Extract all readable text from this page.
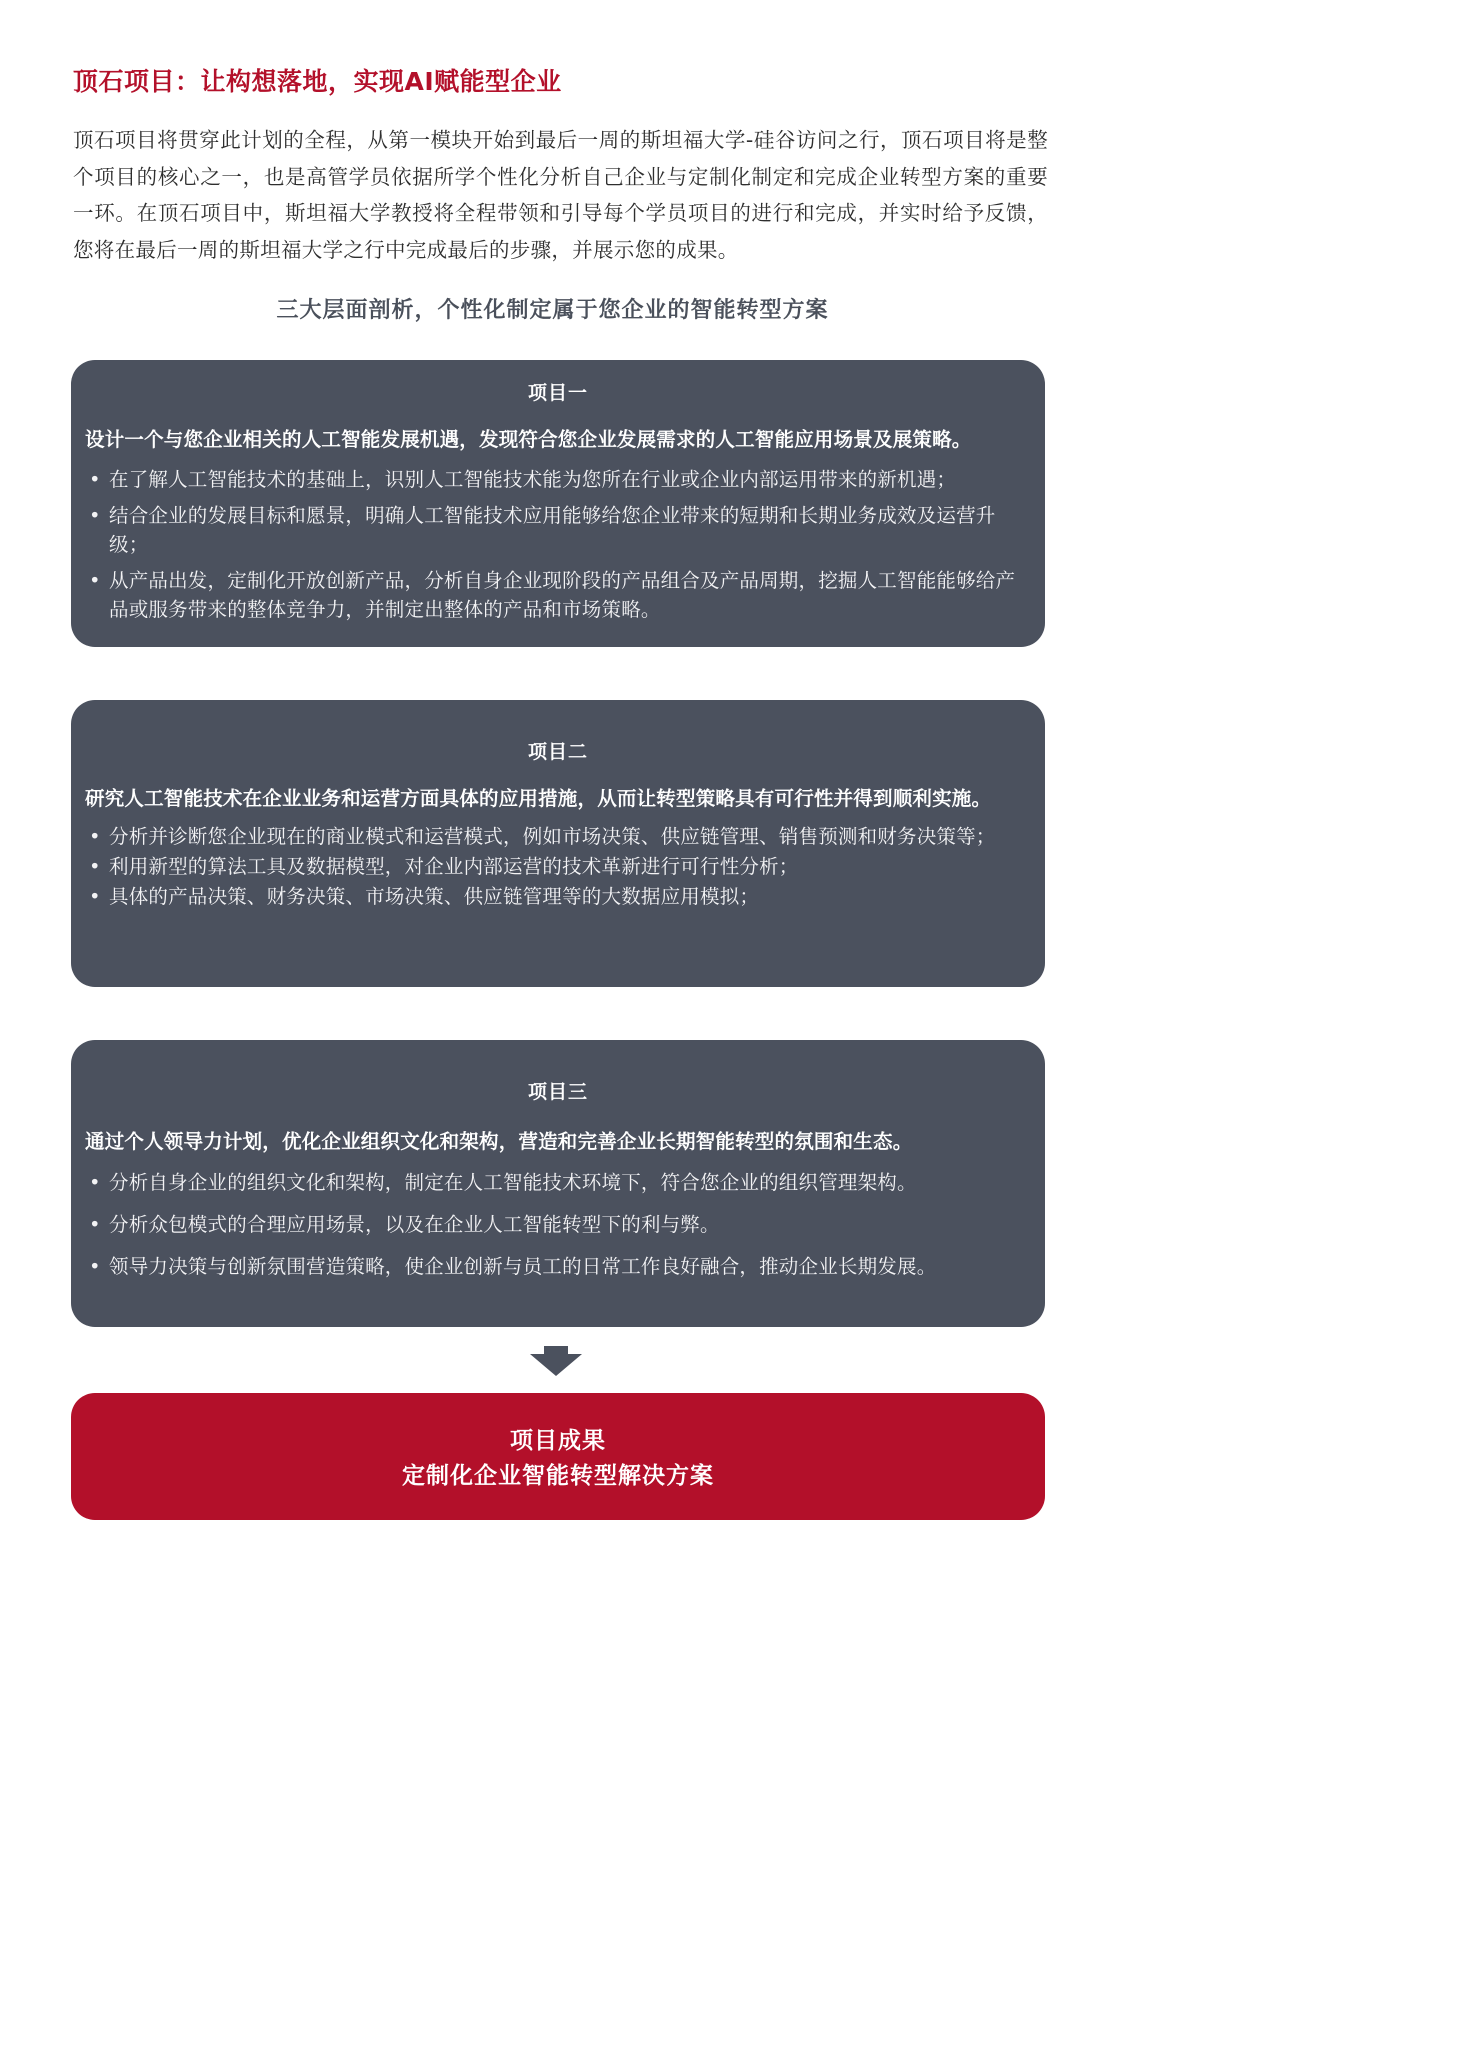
顶石项目：让构想落地，实现AI赋能型企业

顶石项目将贯穿此计划的全程，从第一模块开始到最后一周的斯坦福大学-硅谷访问之行，顶石项目将是整个项目的核心之一，也是高管学员依据所学个性化分析自己企业与定制化制定和完成企业转型方案的重要一环。在顶石项目中，斯坦福大学教授将全程带领和引导每个学员项目的进行和完成，并实时给予反馈，您将在最后一周的斯坦福大学之行中完成最后的步骤，并展示您的成果。

三大层面剖析，个性化制定属于您企业的智能转型方案
项目一

设计一个与您企业相关的人工智能发展机遇，发现符合您企业发展需求的人工智能应用场景及展策略。

• 在了解人工智能技术的基础上，识别人工智能技术能为您所在行业或企业内部运用带来的新机遇；
• 结合企业的发展目标和愿景，明确人工智能技术应用能够给您企业带来的短期和长期业务成效及运营升级；
• 从产品出发，定制化开放创新产品，分析自身企业现阶段的产品组合及产品周期，挖掘人工智能能够给产品或服务带来的整体竞争力，并制定出整体的产品和市场策略。
项目二

研究人工智能技术在企业业务和运营方面具体的应用措施，从而让转型策略具有可行性并得到顺利实施。

• 分析并诊断您企业现在的商业模式和运营模式，例如市场决策、供应链管理、销售预测和财务决策等；
• 利用新型的算法工具及数据模型，对企业内部运营的技术革新进行可行性分析；
• 具体的产品决策、财务决策、市场决策、供应链管理等的大数据应用模拟；
项目三

通过个人领导力计划，优化企业组织文化和架构，营造和完善企业长期智能转型的氛围和生态。

• 分析自身企业的组织文化和架构，制定在人工智能技术环境下，符合您企业的组织管理架构。
• 分析众包模式的合理应用场景，以及在企业人工智能转型下的利与弊。
• 领导力决策与创新氛围营造策略，使企业创新与员工的日常工作良好融合，推动企业长期发展。

项目成果

定制化企业智能转型解决方案
